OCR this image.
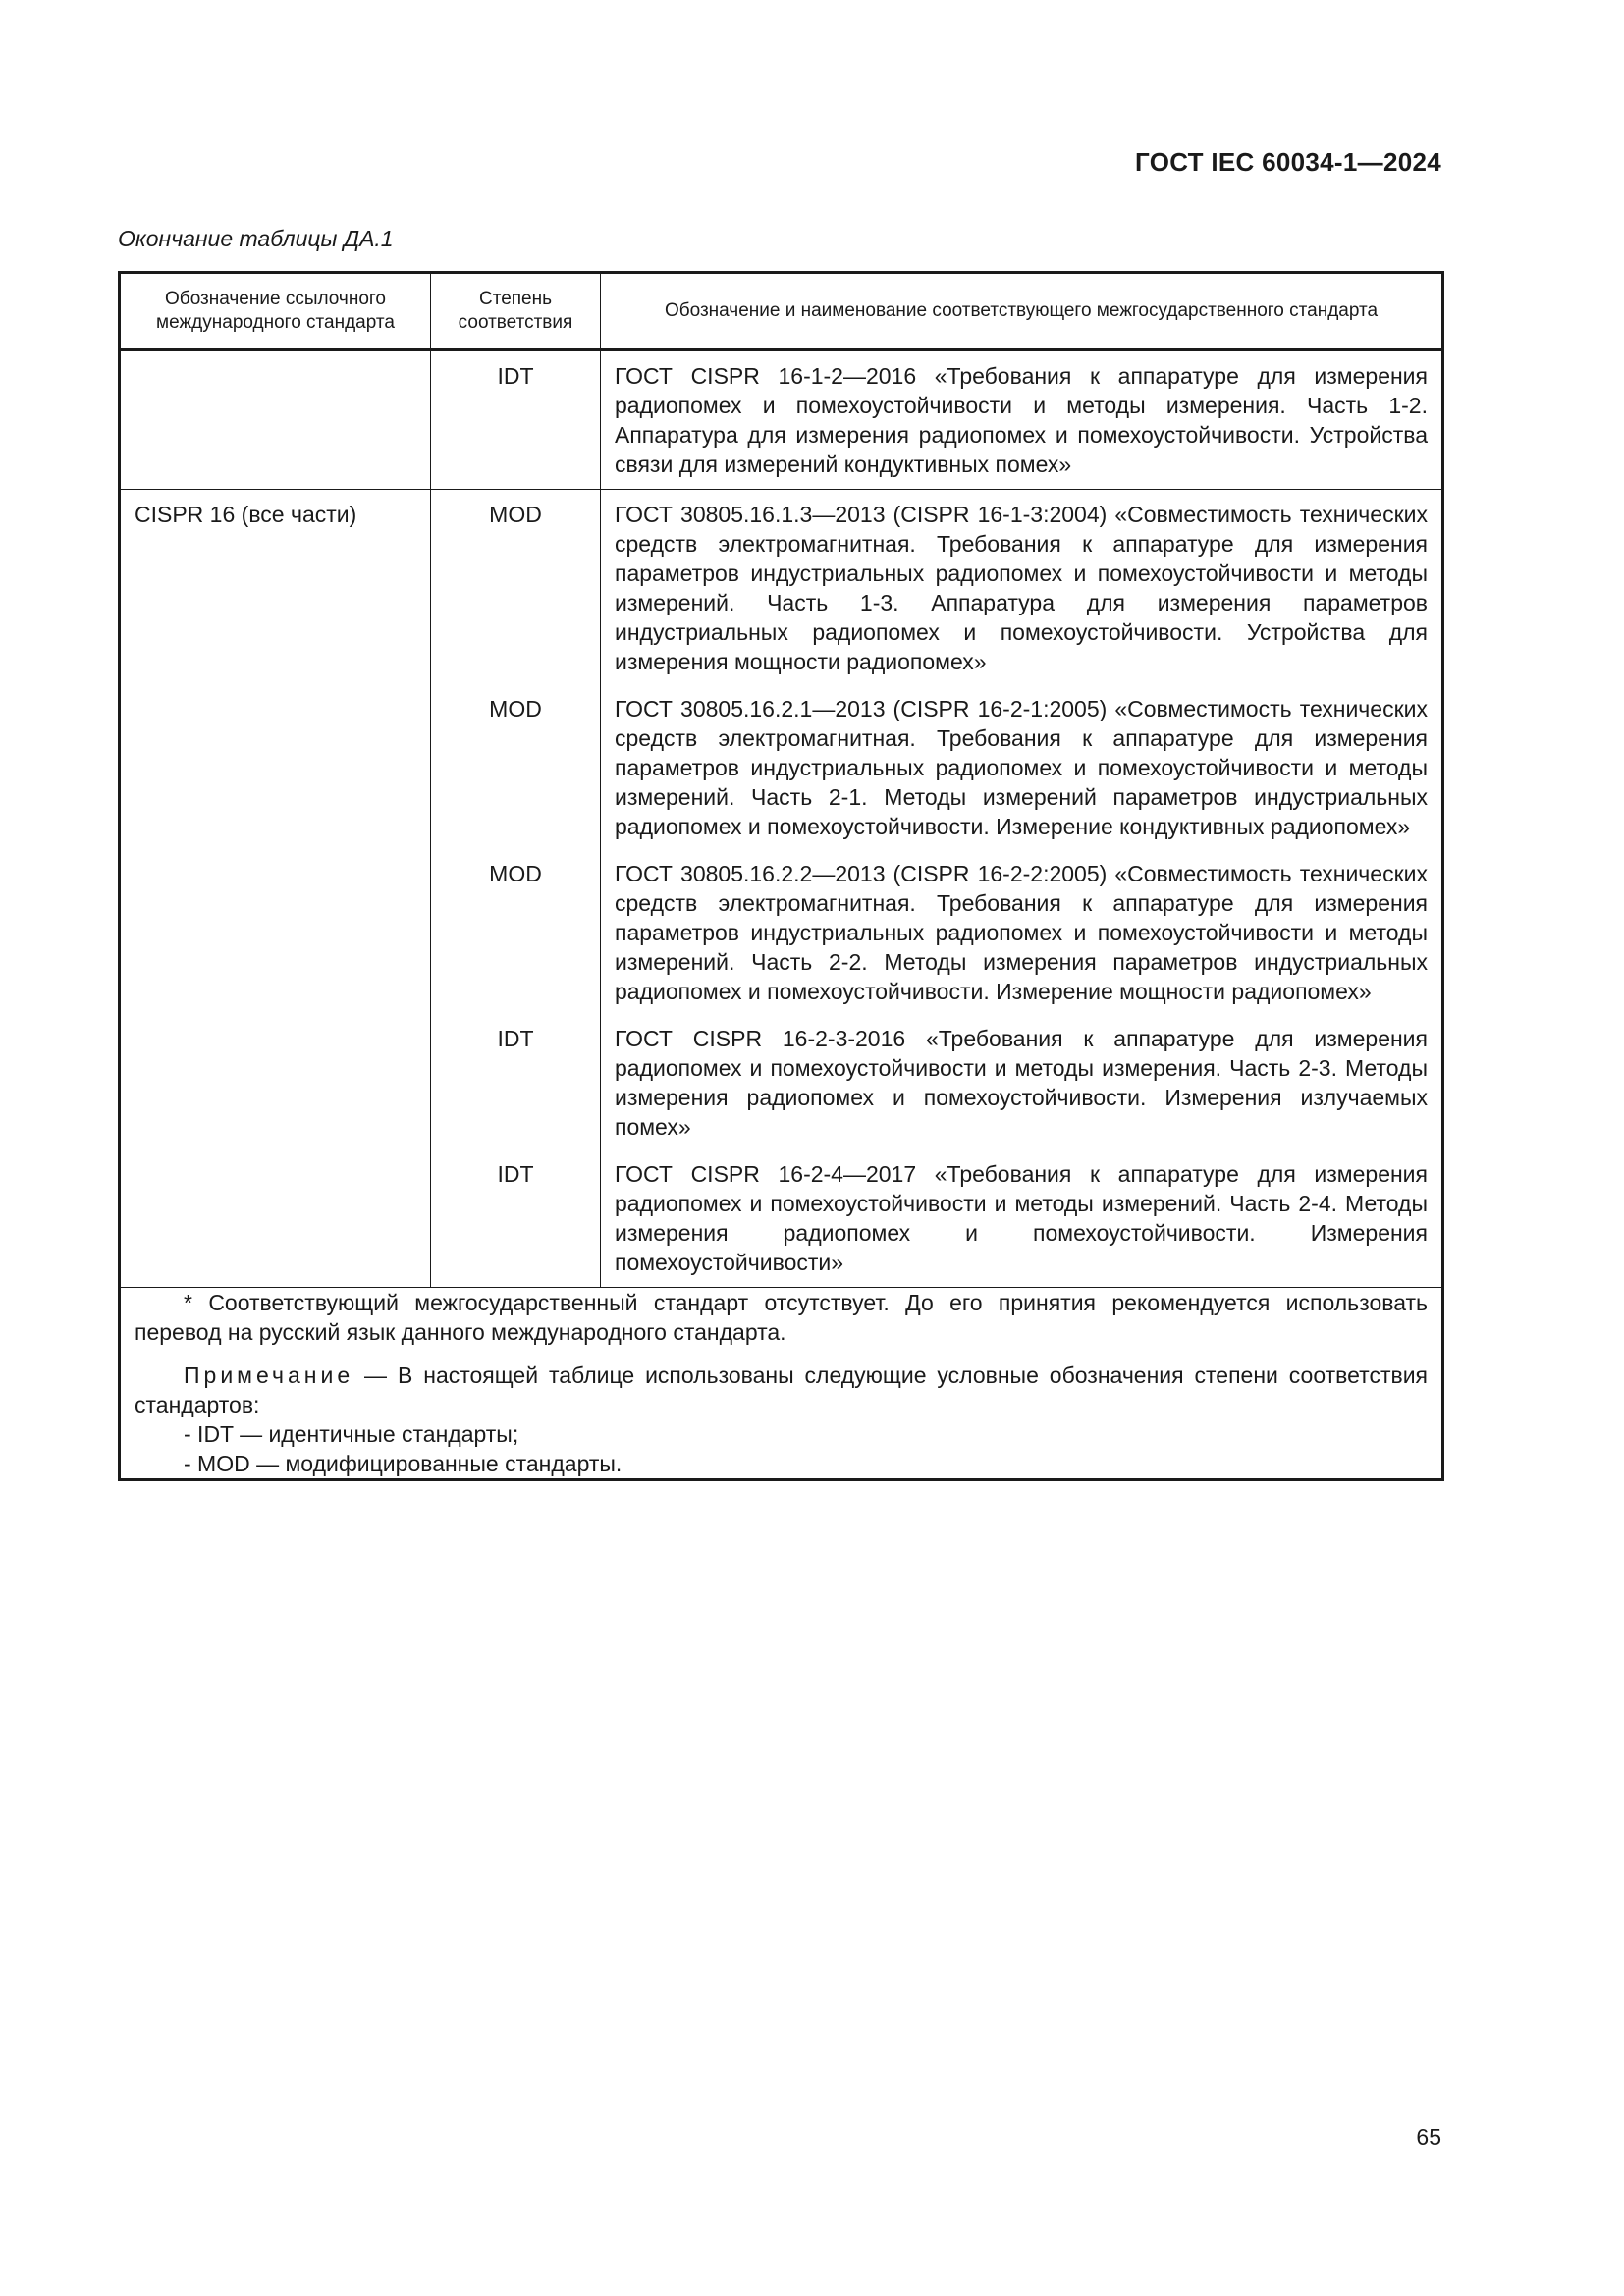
ГОСТ IEC 60034-1—2024
Окончание таблицы ДА.1
Обозначение ссылочного международного стандарта	Степень соответствия	Обозначение и наименование соответствующего межгосударственного стандарта
	IDT	ГОСТ CISPR 16-1-2—2016 «Требования к аппаратуре для измерения радиопомех и помехоустойчивости и методы измерения. Часть 1-2. Аппаратура для измерения радиопомех и помехоустойчивости. Устройства связи для измерений кондуктивных помех»
CISPR 16 (все части)	MOD	ГОСТ 30805.16.1.3—2013 (CISPR 16-1-3:2004) «Совместимость технических средств электромагнитная. Требования к аппаратуре для измерения параметров индустриальных радиопомех и помехоустойчивости и методы измерений. Часть 1-3. Аппаратура для измерения параметров индустриальных радиопомех и помехоустойчивости. Устройства для измерения мощности радиопомех»
	MOD	ГОСТ 30805.16.2.1—2013 (CISPR 16-2-1:2005) «Совместимость технических средств электромагнитная. Требования к аппаратуре для измерения параметров индустриальных радиопомех и помехоустойчивости и методы измерений. Часть 2-1. Методы измерений параметров индустриальных радиопомех и помехоустойчивости. Измерение кондуктивных радиопомех»
	MOD	ГОСТ 30805.16.2.2—2013 (CISPR 16-2-2:2005) «Совместимость технических средств электромагнитная. Требования к аппаратуре для измерения параметров индустриальных радиопомех и помехоустойчивости и методы измерений. Часть 2-2. Методы измерения параметров индустриальных радиопомех и помехоустойчивости. Измерение мощности радиопомех»
	IDT	ГОСТ CISPR 16-2-3-2016 «Требования к аппаратуре для измерения радиопомех и помехоустойчивости и методы измерения. Часть 2-3. Методы измерения радиопомех и помехоустойчивости. Измерения излучаемых помех»
	IDT	ГОСТ CISPR 16-2-4—2017 «Требования к аппаратуре для измерения радиопомех и помехоустойчивости и методы измерений. Часть 2-4. Методы измерения радиопомех и помехоустойчивости. Измерения помехоустойчивости»

* Соответствующий межгосударственный стандарт отсутствует. До его принятия рекомендуется использовать перевод на русский язык данного международного стандарта.

Примечание — В настоящей таблице использованы следующие условные обозначения степени соответствия стандартов:

- IDT — идентичные стандарты;
- MOD — модифицированные стандарты.		
65
